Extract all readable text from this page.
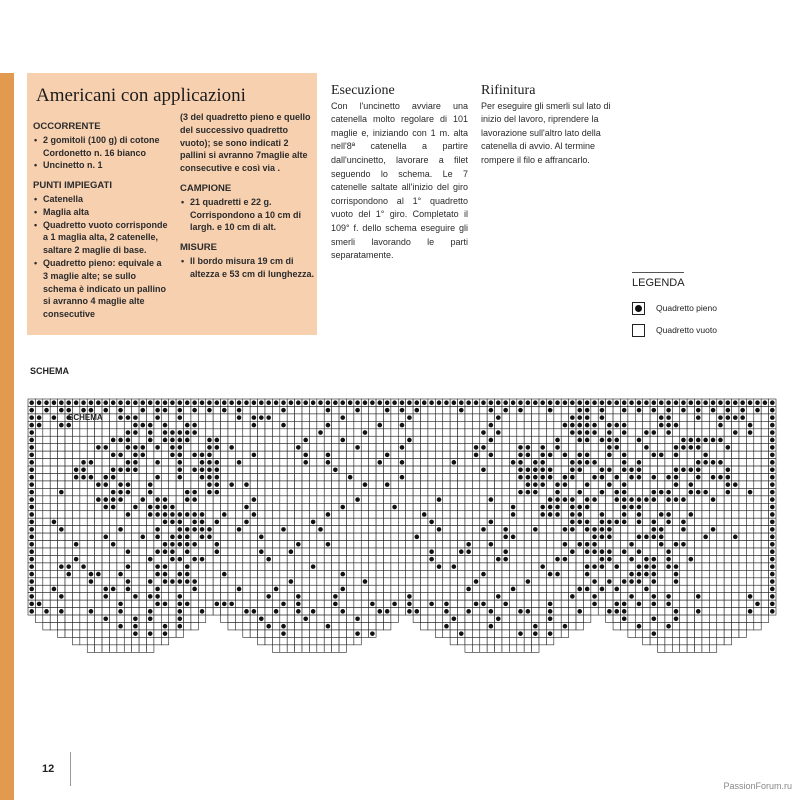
Americani con applicazioni
OCCORRENTE
• 2 gomitoli (100 g) di cotone Cordonetto n. 16 bianco
• Uncinetto n. 1
PUNTI IMPIEGATI
• Catenella
• Maglia alta
• Quadretto vuoto corrisponde a 1 maglia alta, 2 catenelle, saltare 2 maglie di base.
• Quadretto pieno: equivale a 3 maglie alte; se sullo schema è indicato un pallino si avranno 4 maglie alte consecutive
(3 del quadretto pieno e quello del successivo quadretto vuoto); se sono indicati 2 pallini si avranno 7maglie alte consecutive e così via .
CAMPIONE
• 21 quadretti e 22 g. Corrispondono a 10 cm di largh. e 10 cm di alt.
MISURE
• Il bordo misura 19 cm di altezza e 53 cm di lunghezza.
Esecuzione
Con l'uncinetto avviare una catenella molto regolare di 101 maglie e, iniziando con 1 m. alta nell'8ª catenella a partire dall'uncinetto, lavorare a filet seguendo lo schema. Le 7 catenelle saltate all'inizio del giro corrispondono al 1° quadretto vuoto del 1° giro. Completato il 109° f. dello schema eseguire gli smerli lavorando le parti separatamente.
Rifinitura
Per eseguire gli smerli sul lato di inizio del lavoro, riprendere la lavorazione sull'altro lato della catenella di avvio. Al termine rompere il filo e affrancarlo.
LEGENDA
Quadretto pieno
Quadretto vuoto
SCHEMA
SCHEMA
12
PassionForum.ru
